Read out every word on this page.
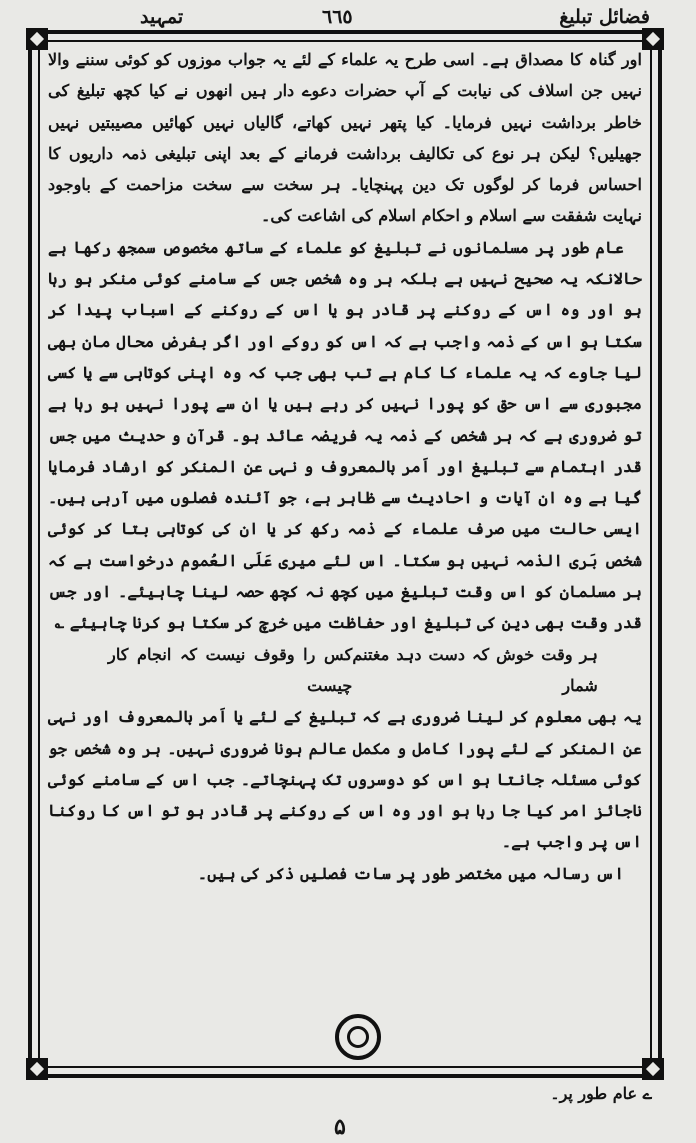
فضائل تبلیغ
٦٦٥
تمہید

اور گناہ کا مصداق ہے۔ اسی طرح یہ علماء کے لئے یہ جواب موزوں کو کوئی سننے والا نہیں جن اسلاف کی نیابت کے آپ حضرات دعوے دار ہیں انھوں نے کیا کچھ تبلیغ کی خاطر برداشت نہیں فرمایا۔ کیا پتھر نہیں کھاتے، گالیاں نہیں کھائیں مصیبتیں نہیں جھیلیں؟ لیکن ہر نوع کی تکالیف برداشت فرمانے کے بعد اپنی تبلیغی ذمہ داریوں کا احساس فرما کر لوگوں تک دین پہنچایا۔ ہر سخت سے سخت مزاحمت کے باوجود نہایت شفقت سے اسلام و احکام اسلام کی اشاعت کی۔

عام طور پر مسلمانوں نے تبلیغ کو علماء کے ساتھ مخصوص سمجھ رکھا ہے حالانکہ یہ صحیح نہیں ہے بلکہ ہر وہ شخص جس کے سامنے کوئی منکر ہو رہا ہو اور وہ اس کے روکنے پر قادر ہو یا اس کے روکنے کے اسباب پیدا کر سکتا ہو اس کے ذمہ واجب ہے کہ اس کو روکے اور اگر بفرض محال مان بھی لیا جاوے کہ یہ علماء کا کام ہے تب بھی جب کہ وہ اپنی کوتاہی سے یا کسی مجبوری سے اس حق کو پورا نہیں کر رہے ہیں یا ان سے پورا نہیں ہو رہا ہے تو ضروری ہے کہ ہر شخص کے ذمہ یہ فریضہ عائد ہو۔ قرآن و حدیث میں جس قدر اہتمام سے تبلیغ اور اَمر بالمعروف و نہی عن المنکر کو ارشاد فرمایا گیا ہے وہ ان آیات و احادیث سے ظاہر ہے، جو آئندہ فصلوں میں آرہی ہیں۔ ایسی حالت میں صرف علماء کے ذمہ رکھ کر یا ان کی کوتاہی بتا کر کوئی شخص بَری الذمہ نہیں ہو سکتا۔ اس لئے میری عَلَی العُموم درخواست ہے کہ ہر مسلمان کو اس وقت تبلیغ میں کچھ نہ کچھ حصہ لینا چاہیئے۔ اور جس قدر وقت بھی دین کی تبلیغ اور حفاظت میں خرچ کر سکتا ہو کرنا چاہیئے ؎

ہر وقت خوش کہ دست دہد مغتنم شمار
کس را وقوف نیست کہ انجام کار چیست

یہ بھی معلوم کر لینا ضروری ہے کہ تبلیغ کے لئے یا اَمر بالمعروف اور نہی عن المنکر کے لئے پورا کامل و مکمل عالم ہونا ضروری نہیں۔ ہر وہ شخص جو کوئی مسئلہ جانتا ہو اس کو دوسروں تک پہنچاتے۔ جب اس کے سامنے کوئی ناجائز امر کیا جا رہا ہو اور وہ اس کے روکنے پر قادر ہو تو اس کا روکنا اس پر واجب ہے۔

اس رسالہ میں مختصر طور پر سات فصلیں ذکر کی ہیں۔

ے عام طور پر۔
۵
